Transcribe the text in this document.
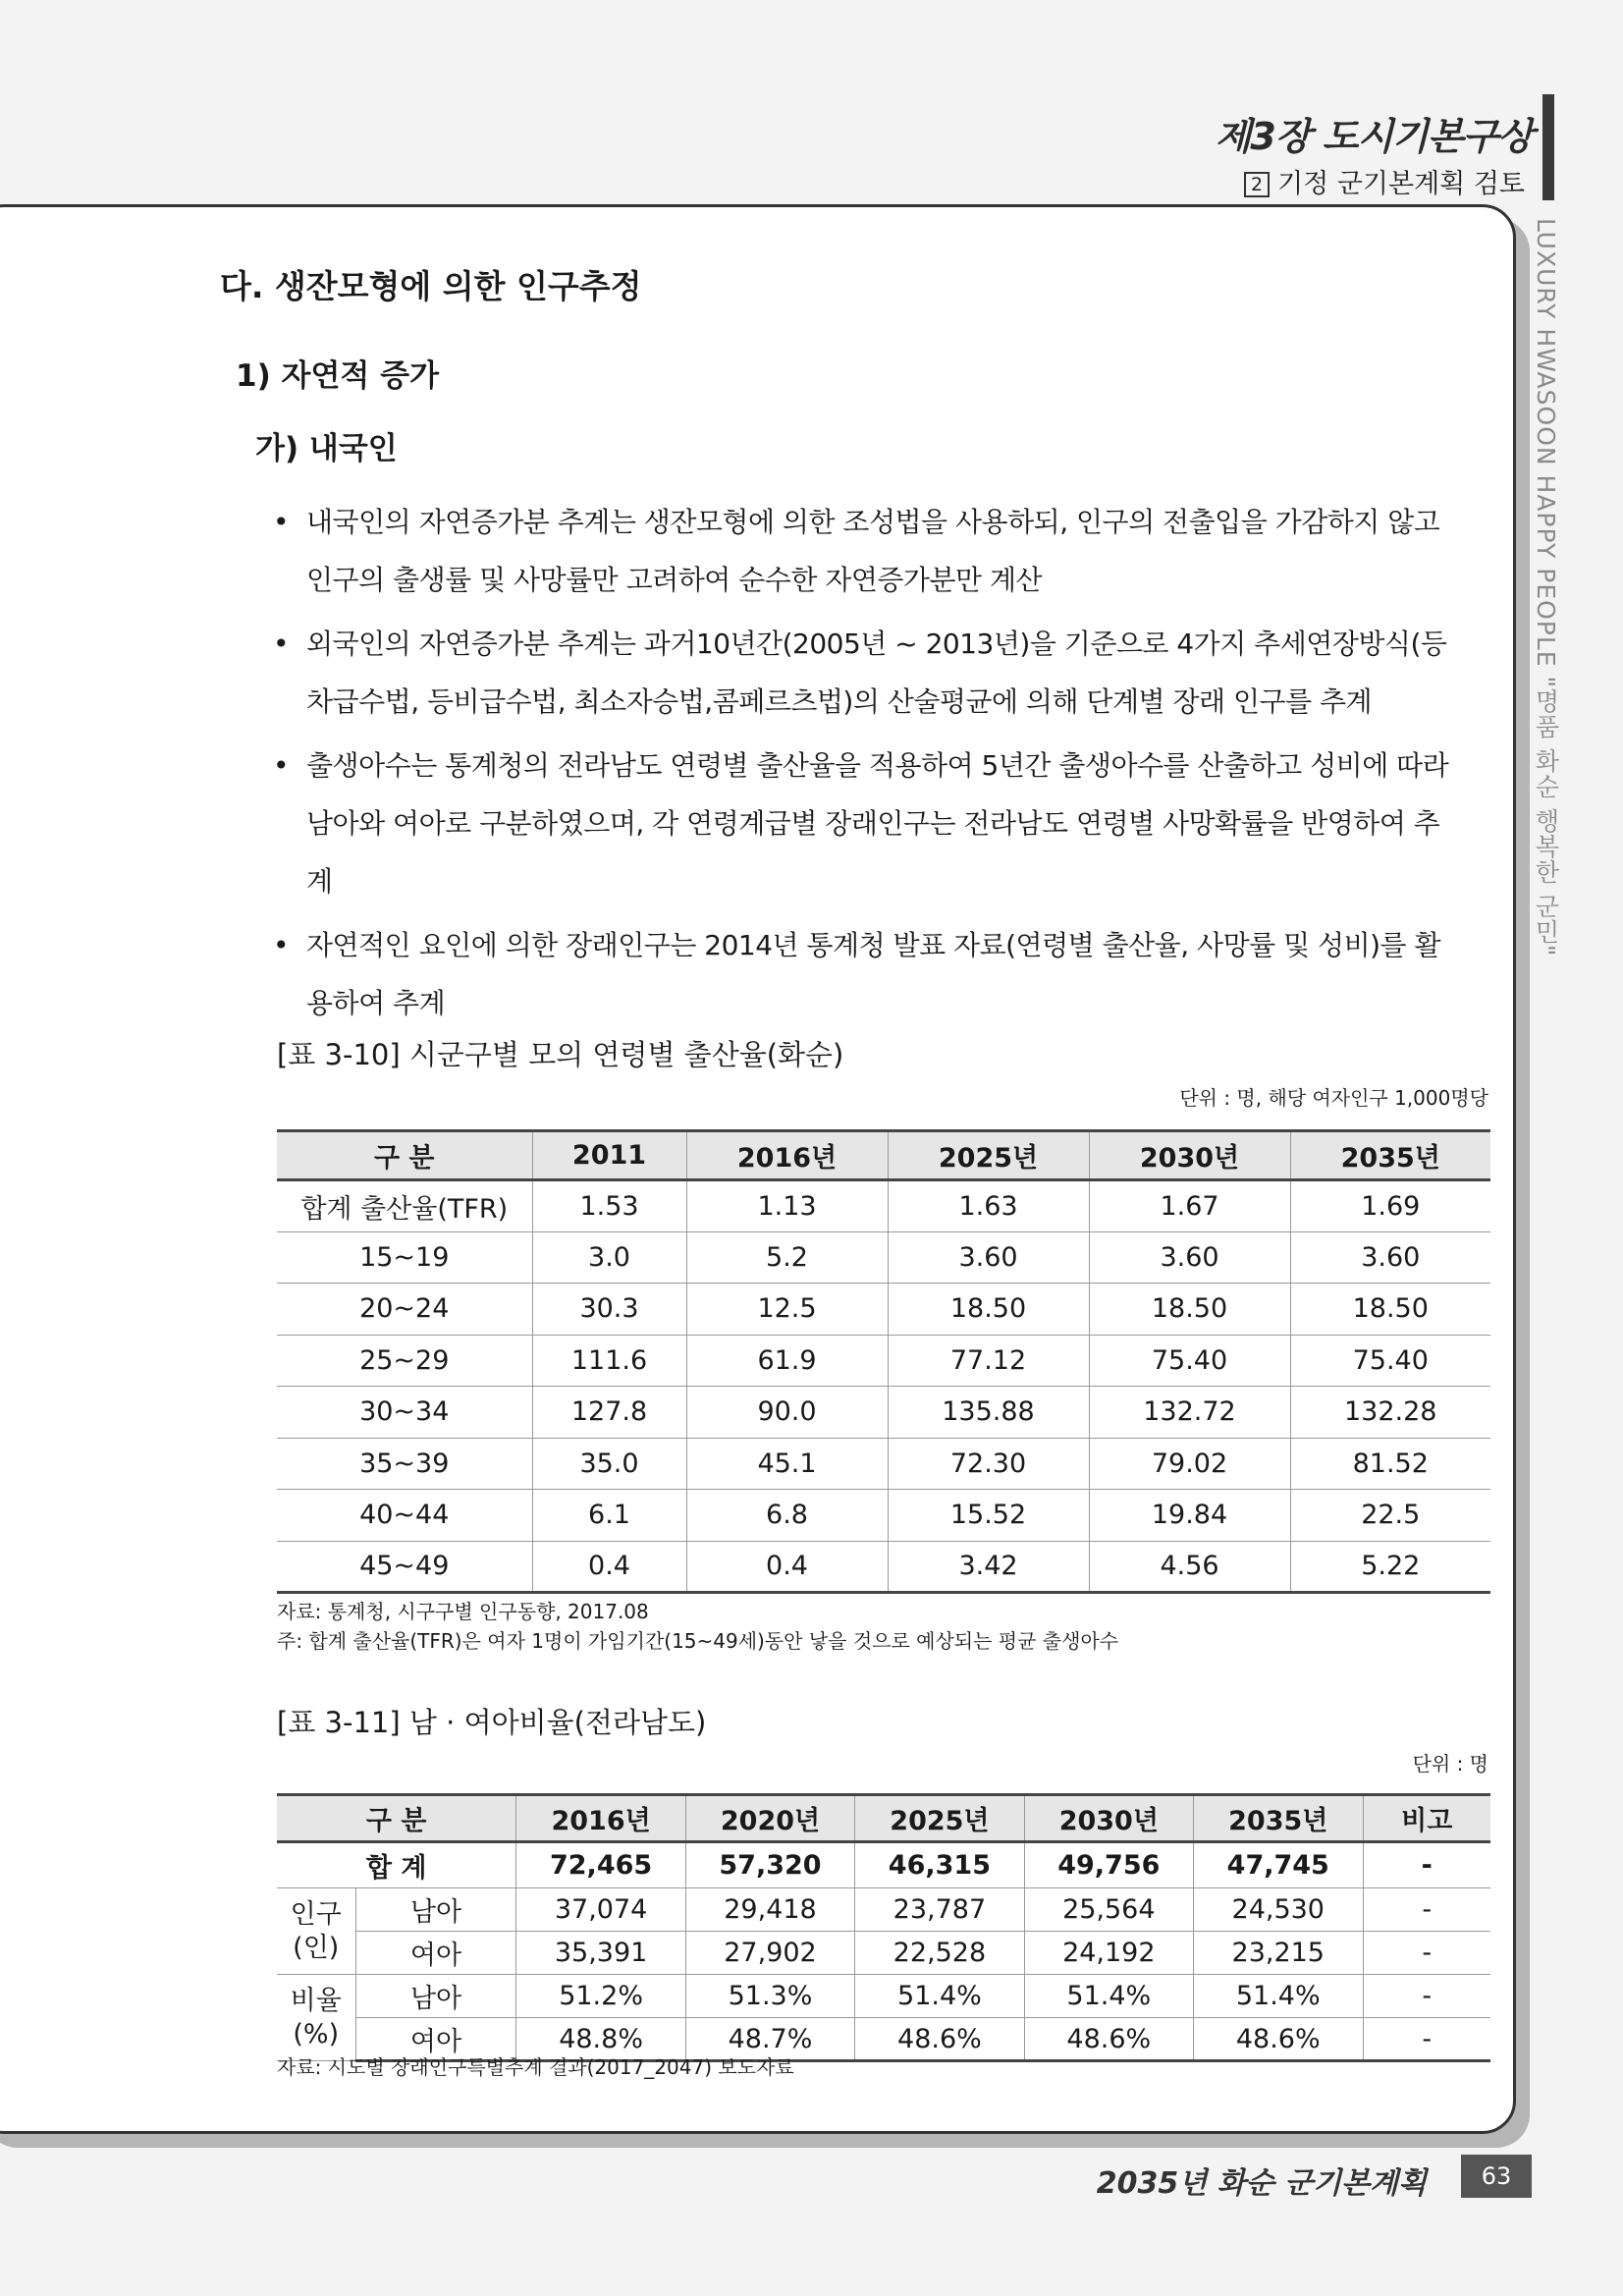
제3장 도시기본구상
2 기정 군기본계획 검토
LUXURY HWASOON HAPPY PEOPLE "명품 화순 행복한 군민"
다. 생잔모형에 의한 인구추정
1) 자연적 증가
가) 내국인
• 내국인의 자연증가분 추계는 생잔모형에 의한 조성법을 사용하되, 인구의 전출입을 가감하지 않고 인구의 출생률 및 사망률만 고려하여 순수한 자연증가분만 계산
• 외국인의 자연증가분 추계는 과거10년간(2005년 ~ 2013년)을 기준으로 4가지 추세연장방식(등차급수법, 등비급수법, 최소자승법,콤페르츠법)의 산술평균에 의해 단계별 장래 인구를 추계
• 출생아수는 통계청의 전라남도 연령별 출산율을 적용하여 5년간 출생아수를 산출하고 성비에 따라 남아와 여아로 구분하였으며, 각 연령계급별 장래인구는 전라남도 연령별 사망확률을 반영하여 추계
• 자연적인 요인에 의한 장래인구는 2014년 통계청 발표 자료(연령별 출산율, 사망률 및 성비)를 활용하여 추계
[표 3-10] 시군구별 모의 연령별 출산율(화순)
단위 : 명, 해당 여자인구 1,000명당
구 분	2011	2016년	2025년	2030년	2035년
합계 출산율(TFR)	1.53	1.13	1.63	1.67	1.69
15~19	3.0	5.2	3.60	3.60	3.60
20~24	30.3	12.5	18.50	18.50	18.50
25~29	111.6	61.9	77.12	75.40	75.40
30~34	127.8	90.0	135.88	132.72	132.28
35~39	35.0	45.1	72.30	79.02	81.52
40~44	6.1	6.8	15.52	19.84	22.5
45~49	0.4	0.4	3.42	4.56	5.22
자료: 통계청, 시구구별 인구동향, 2017.08
주: 합계 출산율(TFR)은 여자 1명이 가임기간(15~49세)동안 낳을 것으로 예상되는 평균 출생아수
[표 3-11] 남 · 여아비율(전라남도)
단위 : 명
구 분		2016년	2020년	2025년	2030년	2035년	비고
합 계		72,465	57,320	46,315	49,756	47,745	-
인구
(인)	남아	37,074	29,418	23,787	25,564	24,530	-
	여아	35,391	27,902	22,528	24,192	23,215	-
비율
(%)	남아	51.2%	51.3%	51.4%	51.4%	51.4%	-
	여아	48.8%	48.7%	48.6%	48.6%	48.6%	-
자료: 시도별 장래인구특별추계 결과(2017_2047) 보도자료
2035년 화순 군기본계획	63
